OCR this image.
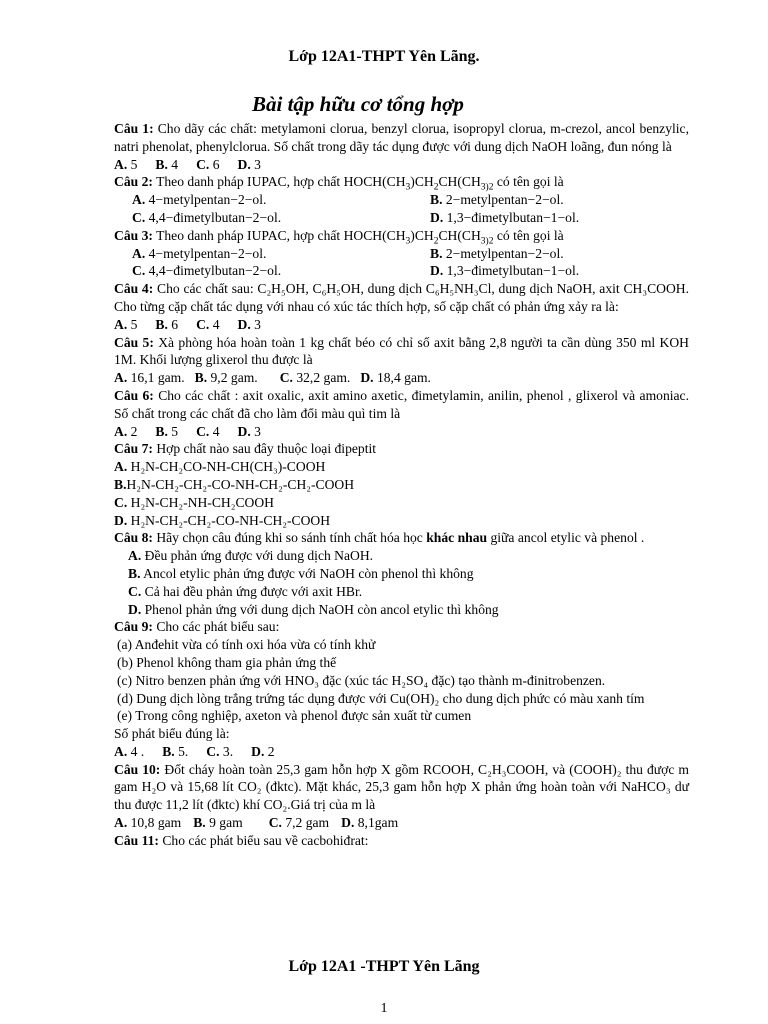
Lớp 12A1-THPT Yên Lãng.
Bài tập hữu cơ tổng hợp

Câu 1: Cho dãy các chất: metylamoni clorua, benzyl clorua, isopropyl clorua, m-crezol, ancol benzylic, natri phenolat, phenylclorua. Số chất trong dãy tác dụng được với dung dịch NaOH loãng, đun nóng là

A. 5 B. 4 C. 6 D. 3

Câu 2: Theo danh pháp IUPAC, hợp chất $HOCH(CH_3)CH_2CH(CH_{3)2}$ có tên gọi là

A. 4−metylpentan−2−ol.	B. 2−metylpentan−2−ol.
C. 4,4−đimetylbutan−2−ol.	D. 1,3−đimetylbutan−1−ol.

Câu 3: Theo danh pháp IUPAC, hợp chất $HOCH(CH_3)CH_2CH(CH_{3)2}$ có tên gọi là

A. 4−metylpentan−2−ol.	B. 2−metylpentan−2−ol.
C. 4,4−đimetylbutan−2−ol.	D. 1,3−đimetylbutan−1−ol.

Câu 4: Cho các chất sau: C₂H₅OH, C₆H₅OH, dung dịch C₆H₅NH₃Cl, dung dịch NaOH, axit CH₃COOH. Cho từng cặp chất tác dụng với nhau có xúc tác thích hợp, số cặp chất có phản ứng xảy ra là:

A. 5 B. 6 C. 4 D. 3

Câu 5: Xà phòng hóa hoàn toàn 1 kg chất béo có chỉ số axit bằng 2,8 người ta cần dùng 350 ml KOH 1M. Khối lượng glixerol thu được là

A. 16,1 gam. B. 9,2 gam. C. 32,2 gam. D. 18,4 gam.

Câu 6: Cho các chất : axit oxalic, axit amino axetic, đimetylamin, anilin, phenol , glixerol và amoniac. Số chất trong các chất đã cho làm đổi màu quì tim là

A. 2 B. 5 C. 4 D. 3

Câu 7: Hợp chất nào sau đây thuộc loại đipeptit

A. H₂N-CH₂CO-NH-CH(CH₃)-COOH

B.H₂N-CH₂-CH₂-CO-NH-CH₂-CH₂-COOH

C. H₂N-CH₂-NH-CH₂COOH

D. H₂N-CH₂-CH₂-CO-NH-CH₂-COOH

Câu 8: Hãy chọn câu đúng khi so sánh tính chất hóa học khác nhau giữa ancol etylic và phenol .

A. Đều phản ứng được với dung dịch NaOH.

B. Ancol etylic phản ứng được với NaOH còn phenol thì không

C. Cả hai đều phản ứng được với axit HBr.

D. Phenol phản ứng với dung dịch NaOH còn ancol etylic thì không

Câu 9: Cho các phát biểu sau:

(a) Anđehit vừa có tính oxi hóa vừa có tính khử

(b) Phenol không tham gia phản ứng thế

(c) Nitro benzen phản ứng với HNO₃ đặc (xúc tác H₂SO₄ đặc) tạo thành m-đinitrobenzen.

(d) Dung dịch lòng trắng trứng tác dụng được với Cu(OH)₂ cho dung dịch phức có màu xanh tím

(e) Trong công nghiệp, axeton và phenol được sản xuất từ cumen

Số phát biểu đúng là:

A. 4 . B. 5. C. 3. D. 2

Câu 10: Đốt cháy hoàn toàn 25,3 gam hỗn hợp X gồm RCOOH, C₂H₃COOH, và (COOH)₂ thu được m gam H₂O và 15,68 lít CO₂ (đktc). Mặt khác, 25,3 gam hỗn hợp X phản ứng hoàn toàn với NaHCO₃ dư thu được 11,2 lít (đktc) khí CO₂.Giá trị của m là

A. 10,8 gam B. 9 gam C. 7,2 gam D. 8,1gam

Câu 11: Cho các phát biểu sau về cacbohiđrat:

Lớp 12A1 -THPT Yên Lãng
1
